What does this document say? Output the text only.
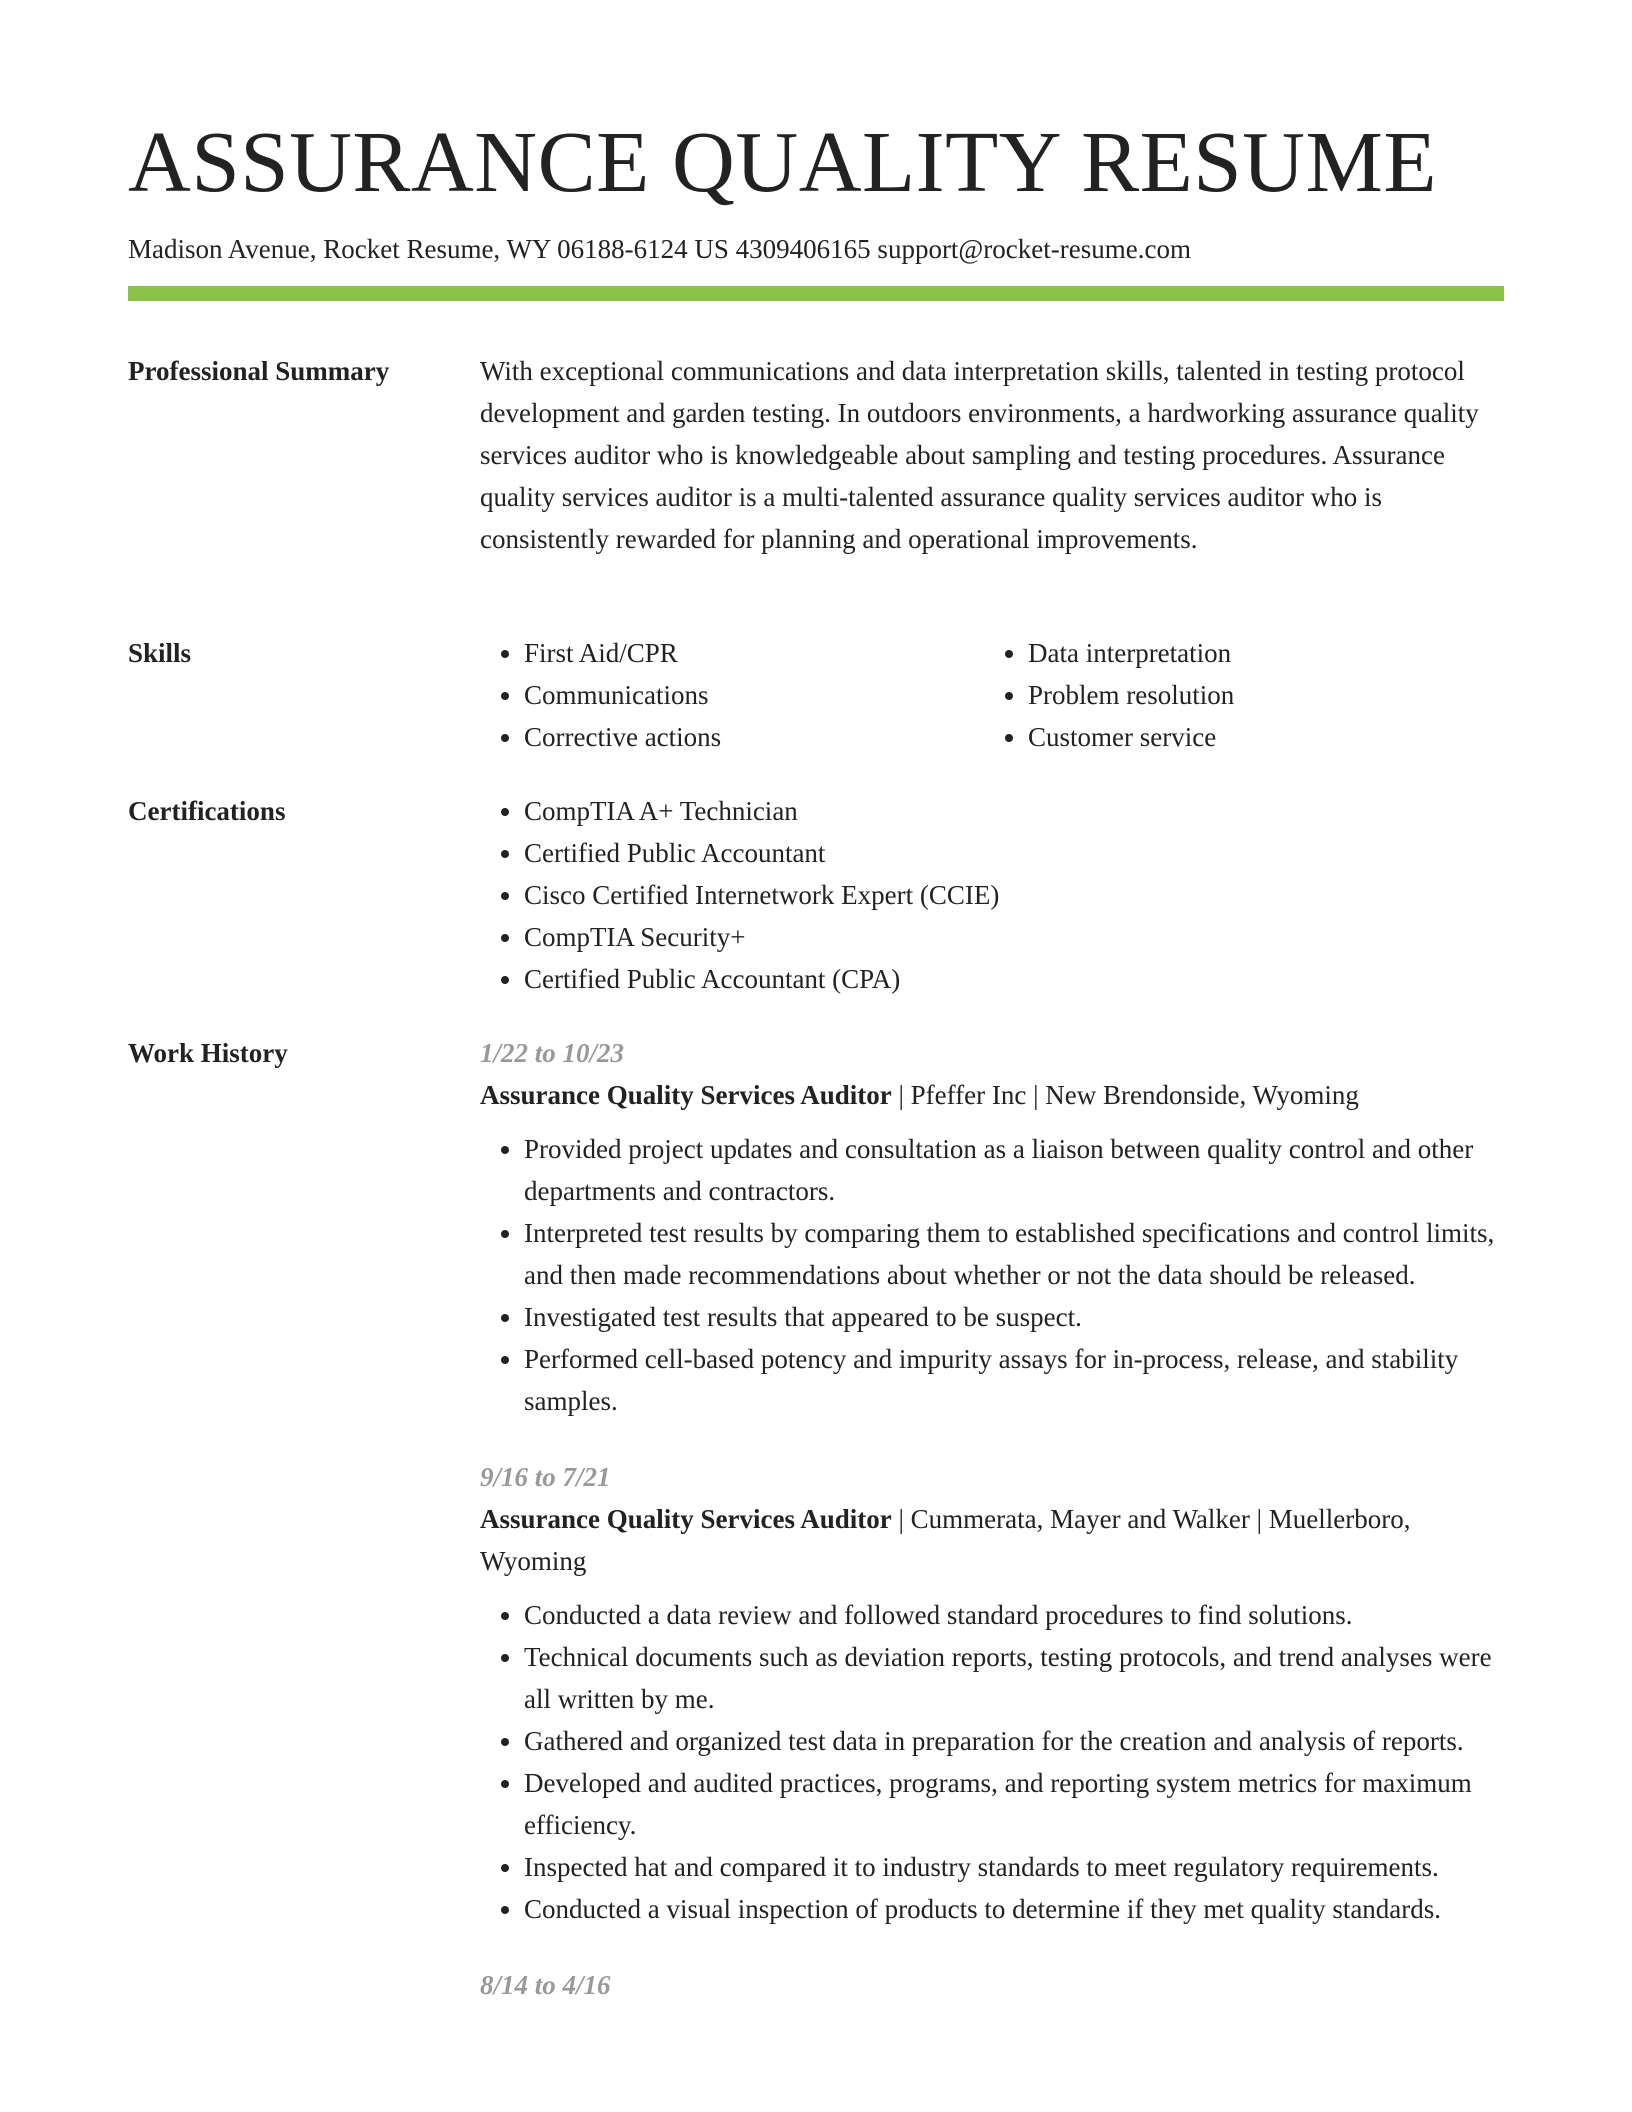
ASSURANCE QUALITY RESUME
Madison Avenue, Rocket Resume, WY 06188-6124 US 4309406165 support@rocket-resume.com
Professional Summary	With exceptional communications and data interpretation skills, talented in testing protocol development and garden testing. In outdoors environments, a hardworking assurance quality services auditor who is knowledgeable about sampling and testing procedures. Assurance quality services auditor is a multi-talented assurance quality services auditor who is consistently rewarded for planning and operational improvements.

Skills	• First Aid/CPR
• Communications
• Corrective actions
• Data interpretation
• Problem resolution
• Customer service
Certifications	• CompTIA A+ Technician
• Certified Public Accountant
• Cisco Certified Internetwork Expert (CCIE)
• CompTIA Security+
• Certified Public Accountant (CPA)
Work History	1/22 to 10/23
Assurance Quality Services Auditor | Pfeffer Inc | New Brendonside, Wyoming
• Provided project updates and consultation as a liaison between quality control and other departments and contractors.
• Interpreted test results by comparing them to established specifications and control limits, and then made recommendations about whether or not the data should be released.
• Investigated test results that appeared to be suspect.
• Performed cell-based potency and impurity assays for in-process, release, and stability samples.
9/16 to 7/21
Assurance Quality Services Auditor | Cummerata, Mayer and Walker | Muellerboro, Wyoming
• Conducted a data review and followed standard procedures to find solutions.
• Technical documents such as deviation reports, testing protocols, and trend analyses were all written by me.
• Gathered and organized test data in preparation for the creation and analysis of reports.
• Developed and audited practices, programs, and reporting system metrics for maximum efficiency.
• Inspected hat and compared it to industry standards to meet regulatory requirements.
• Conducted a visual inspection of products to determine if they met quality standards.
8/14 to 4/16
